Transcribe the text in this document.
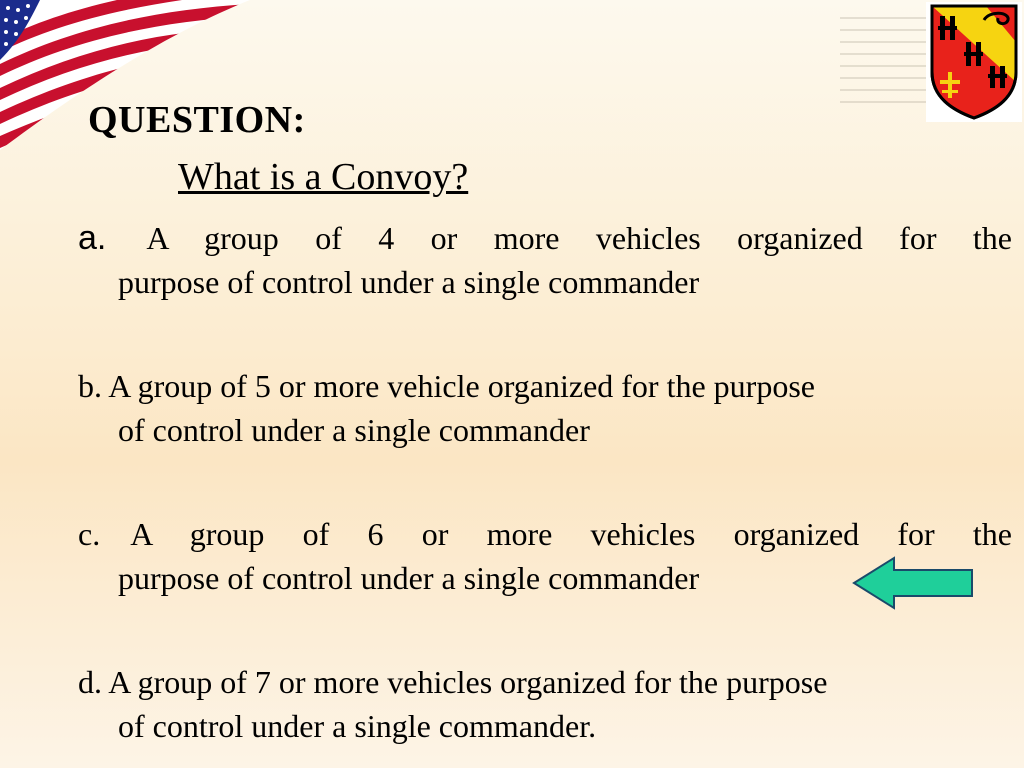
QUESTION:
What is a Convoy?
a. A group of 4 or more vehicles organized for the
purpose of control under a single commander
b. A group of 5 or more vehicle organized for the purpose
of control under a single commander
c. A group of 6 or more vehicles organized for the
purpose of control under a single commander
d. A group of 7 or more vehicles organized for the purpose
of control under a single commander.
